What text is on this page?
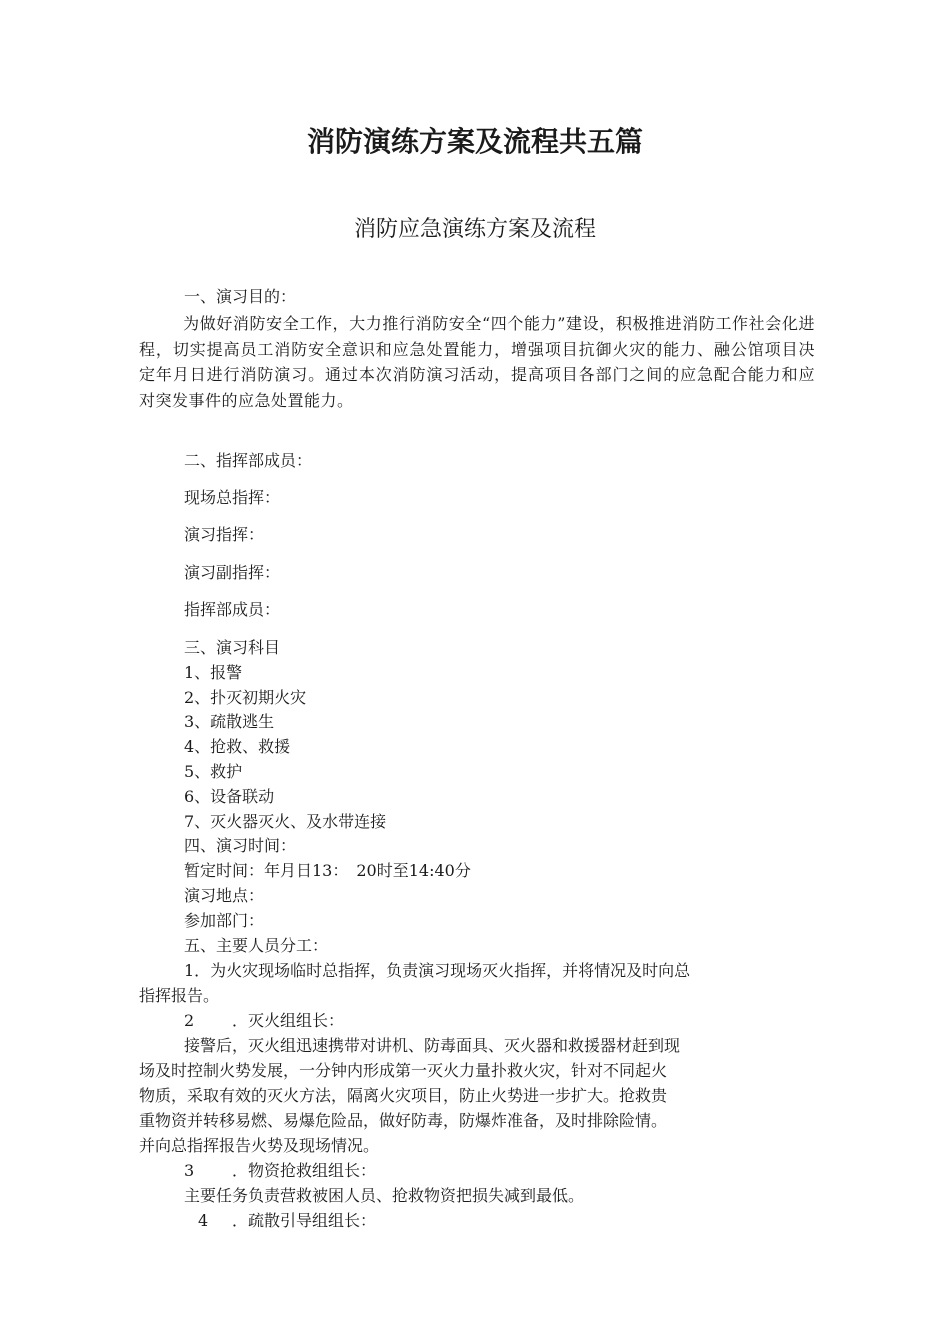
消防演练方案及流程共五篇
消防应急演练方案及流程
一、演习目的：
为做好消防安全工作，大力推行消防安全“四个能力”建设，积极推进消防工作社会化进程，切实提高员工消防安全意识和应急处置能力，增强项目抗御火灾的能力、融公馆项目决定年月日进行消防演习。通过本次消防演习活动，提高项目各部门之间的应急配合能力和应对突发事件的应急处置能力。
二、指挥部成员：
现场总指挥：
演习指挥：
演习副指挥：
指挥部成员：
三、演习科目
1、报警
2、扑灭初期火灾
3、疏散逃生
4、抢救、救援
5、救护
6、设备联动
7、灭火器灭火、及水带连接
四、演习时间：
暂定时间：年月日13：　20时至14:40分
演习地点：
参加部门：
五、主要人员分工：
1．为火灾现场临时总指挥，负责演习现场灭火指挥，并将情况及时向总
指挥报告。
2 ．灭火组组长：
接警后，灭火组迅速携带对讲机、防毒面具、灭火器和救援器材赶到现
场及时控制火势发展，一分钟内形成第一灭火力量扑救火灾，针对不同起火
物质，采取有效的灭火方法，隔离火灾项目，防止火势进一步扩大。抢救贵
重物资并转移易燃、易爆危险品，做好防毒，防爆炸准备，及时排除险情。
并向总指挥报告火势及现场情况。
3 ．物资抢救组组长：
主要任务负责营救被困人员、抢救物资把损失减到最低。
4 ．疏散引导组组长：
